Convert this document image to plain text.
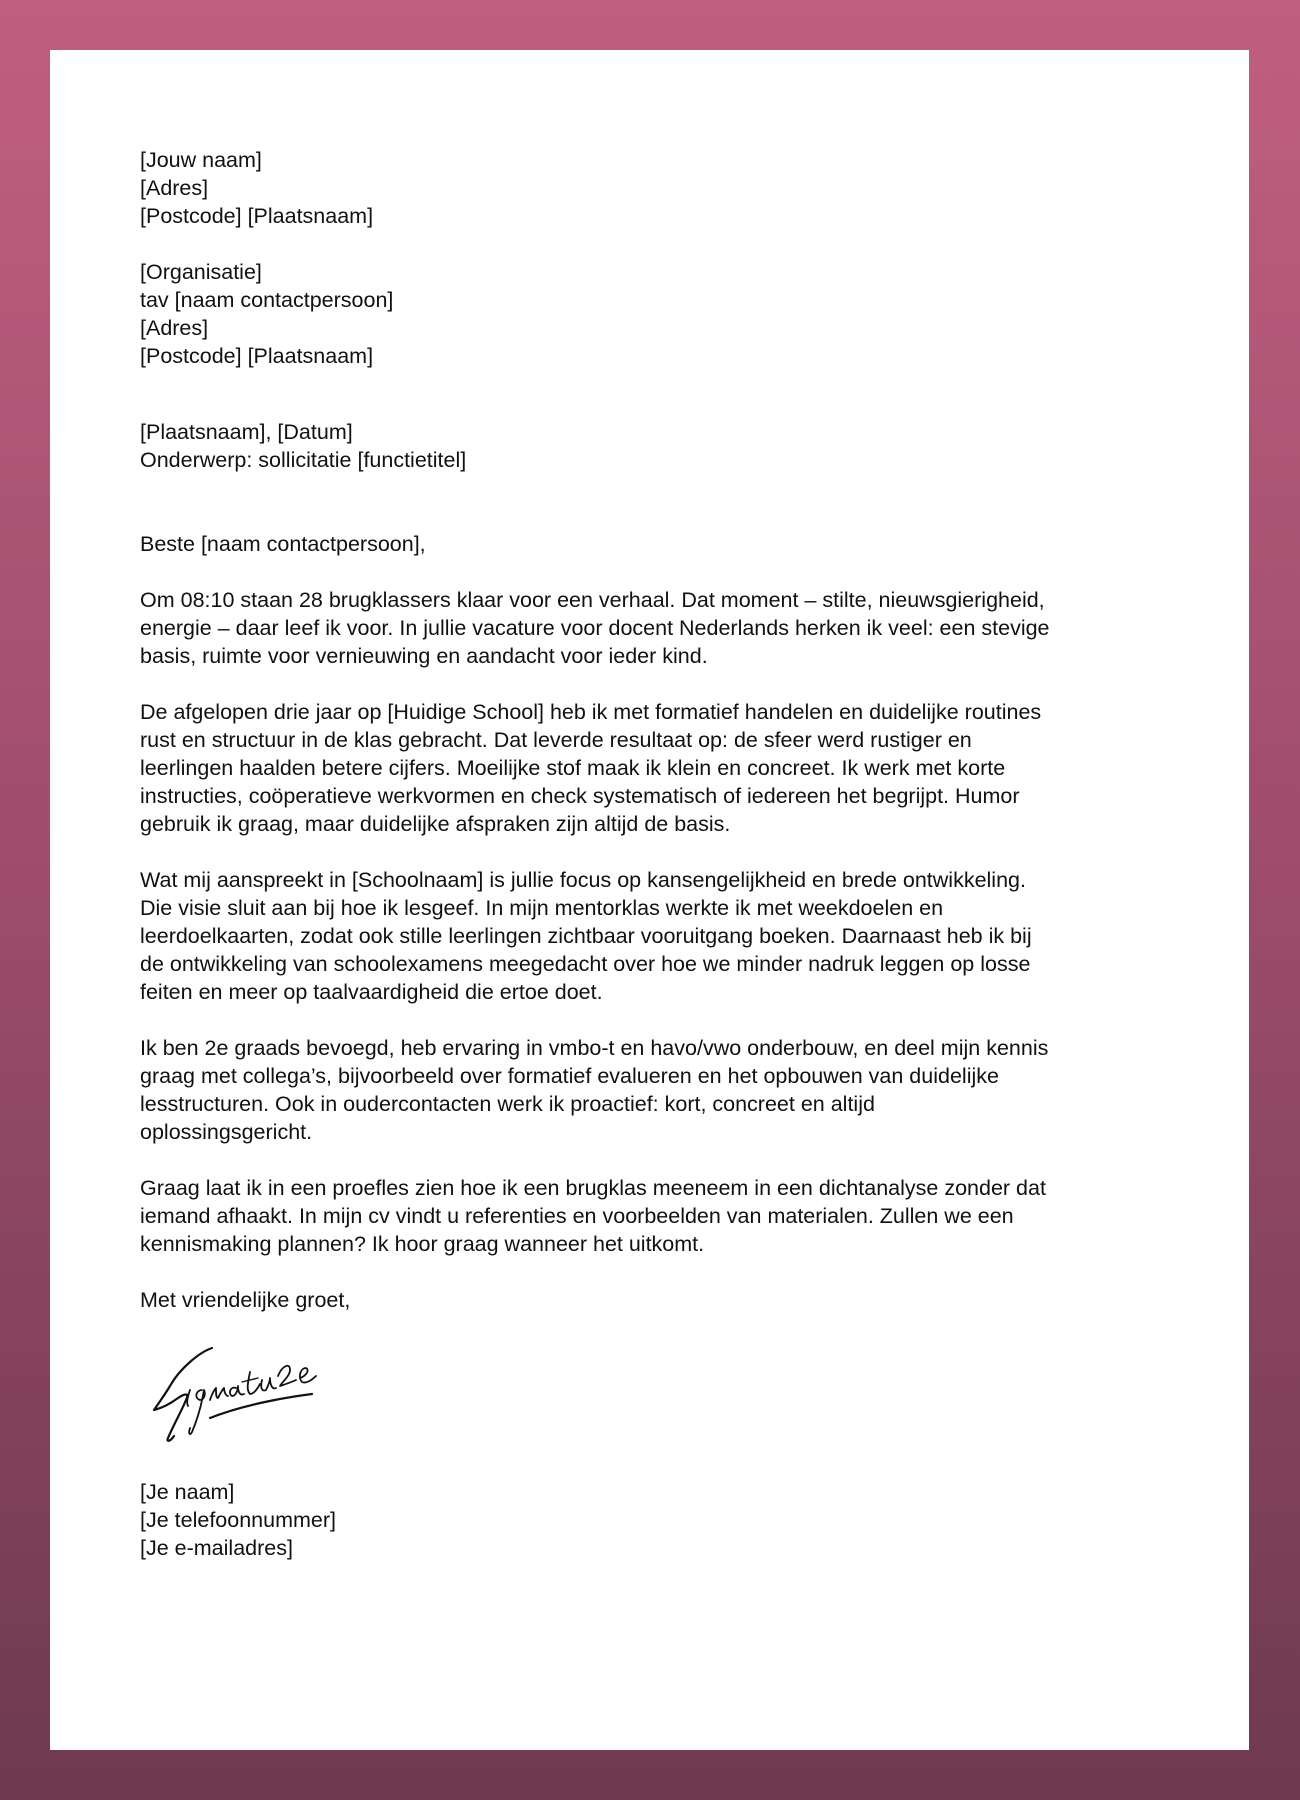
[Jouw naam]
[Adres]
[Postcode] [Plaatsnaam]
[Organisatie]
tav [naam contactpersoon]
[Adres]
[Postcode] [Plaatsnaam]
[Plaatsnaam], [Datum]
Onderwerp: sollicitatie [functietitel]
Beste [naam contactpersoon],
Om 08:10 staan 28 brugklassers klaar voor een verhaal. Dat moment – stilte, nieuwsgierigheid,
energie – daar leef ik voor. In jullie vacature voor docent Nederlands herken ik veel: een stevige
basis, ruimte voor vernieuwing en aandacht voor ieder kind.
De afgelopen drie jaar op [Huidige School] heb ik met formatief handelen en duidelijke routines
rust en structuur in de klas gebracht. Dat leverde resultaat op: de sfeer werd rustiger en
leerlingen haalden betere cijfers. Moeilijke stof maak ik klein en concreet. Ik werk met korte
instructies, coöperatieve werkvormen en check systematisch of iedereen het begrijpt. Humor
gebruik ik graag, maar duidelijke afspraken zijn altijd de basis.
Wat mij aanspreekt in [Schoolnaam] is jullie focus op kansengelijkheid en brede ontwikkeling.
Die visie sluit aan bij hoe ik lesgeef. In mijn mentorklas werkte ik met weekdoelen en
leerdoelkaarten, zodat ook stille leerlingen zichtbaar vooruitgang boeken. Daarnaast heb ik bij
de ontwikkeling van schoolexamens meegedacht over hoe we minder nadruk leggen op losse
feiten en meer op taalvaardigheid die ertoe doet.
Ik ben 2e graads bevoegd, heb ervaring in vmbo-t en havo/vwo onderbouw, en deel mijn kennis
graag met collega’s, bijvoorbeeld over formatief evalueren en het opbouwen van duidelijke
lesstructuren. Ook in oudercontacten werk ik proactief: kort, concreet en altijd
oplossingsgericht.
Graag laat ik in een proefles zien hoe ik een brugklas meeneem in een dichtanalyse zonder dat
iemand afhaakt. In mijn cv vindt u referenties en voorbeelden van materialen. Zullen we een
kennismaking plannen? Ik hoor graag wanneer het uitkomt.
Met vriendelijke groet,
[Je naam]
[Je telefoonnummer]
[Je e-mailadres]
